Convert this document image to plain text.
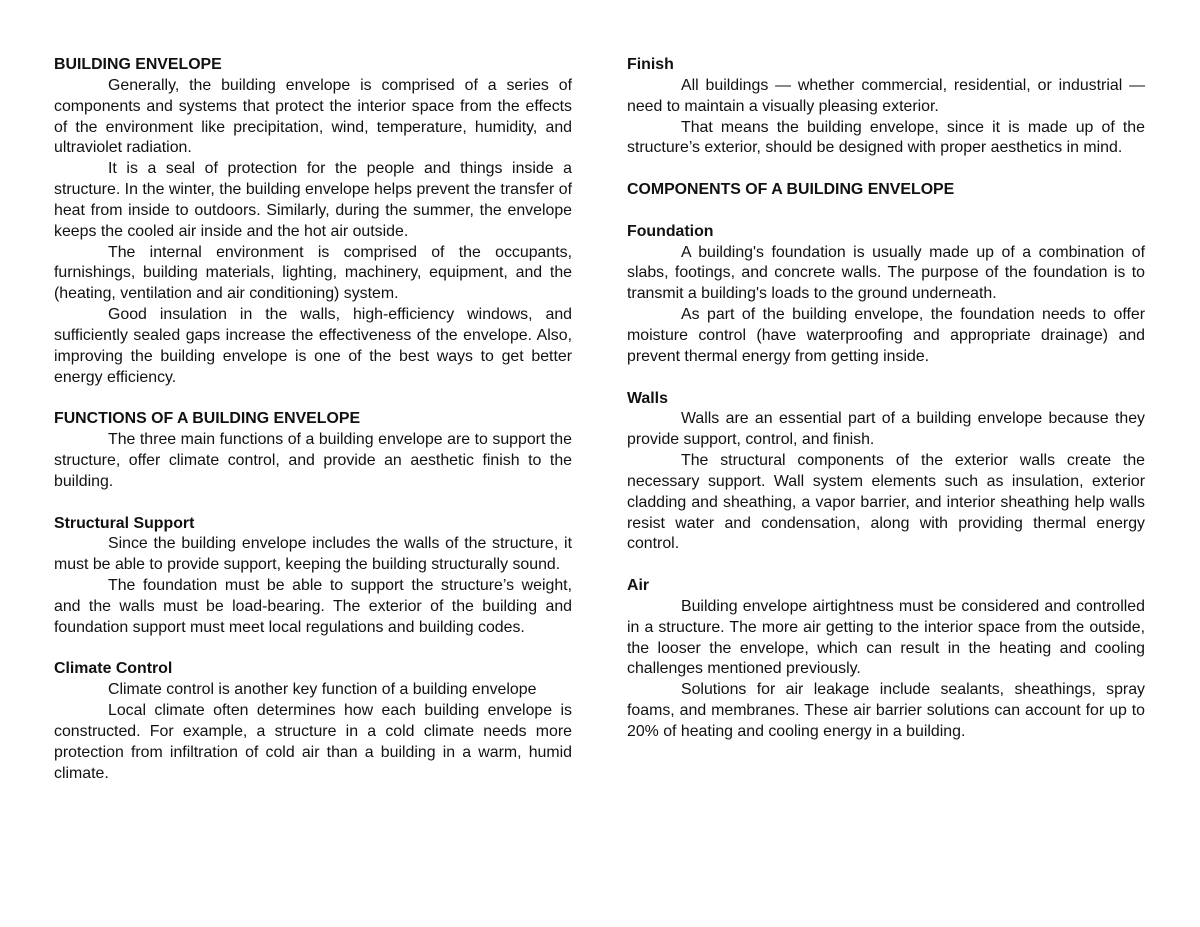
BUILDING ENVELOPE

Generally, the building envelope is comprised of a series of components and systems that protect the interior space from the effects of the environment like precipitation, wind, temperature, humidity, and ultraviolet radiation.

It is a seal of protection for the people and things inside a structure. In the winter, the building envelope helps prevent the transfer of heat from inside to outdoors. Similarly, during the summer, the envelope keeps the cooled air inside and the hot air outside.

The internal environment is comprised of the occupants, furnishings, building materials, lighting, machinery, equipment, and the (heating, ventilation and air conditioning) system.

Good insulation in the walls, high-efficiency windows, and sufficiently sealed gaps increase the effectiveness of the envelope. Also, improving the building envelope is one of the best ways to get better energy efficiency.

FUNCTIONS OF A BUILDING ENVELOPE

The three main functions of a building envelope are to support the structure, offer climate control, and provide an aesthetic finish to the building.

Structural Support

Since the building envelope includes the walls of the structure, it must be able to provide support, keeping the building structurally sound.

The foundation must be able to support the structure’s weight, and the walls must be load-bearing. The exterior of the building and foundation support must meet local regulations and building codes.

Climate Control

Climate control is another key function of a building envelope

Local climate often determines how each building envelope is constructed. For example, a structure in a cold climate needs more protection from infiltration of cold air than a building in a warm, humid climate.

Finish

All buildings — whether commercial, residential, or industrial — need to maintain a visually pleasing exterior.

That means the building envelope, since it is made up of the structure’s exterior, should be designed with proper aesthetics in mind.

COMPONENTS OF A BUILDING ENVELOPE

Foundation

A building's foundation is usually made up of a combination of slabs, footings, and concrete walls. The purpose of the foundation is to transmit a building's loads to the ground underneath.

As part of the building envelope, the foundation needs to offer moisture control (have waterproofing and appropriate drainage) and prevent thermal energy from getting inside.

Walls

Walls are an essential part of a building envelope because they provide support, control, and finish.

The structural components of the exterior walls create the necessary support. Wall system elements such as insulation, exterior cladding and sheathing, a vapor barrier, and interior sheathing help walls resist water and condensation, along with providing thermal energy control.

Air

Building envelope airtightness must be considered and controlled in a structure. The more air getting to the interior space from the outside, the looser the envelope, which can result in the heating and cooling challenges mentioned previously.

Solutions for air leakage include sealants, sheathings, spray foams, and membranes. These air barrier solutions can account for up to 20% of heating and cooling energy in a building.
